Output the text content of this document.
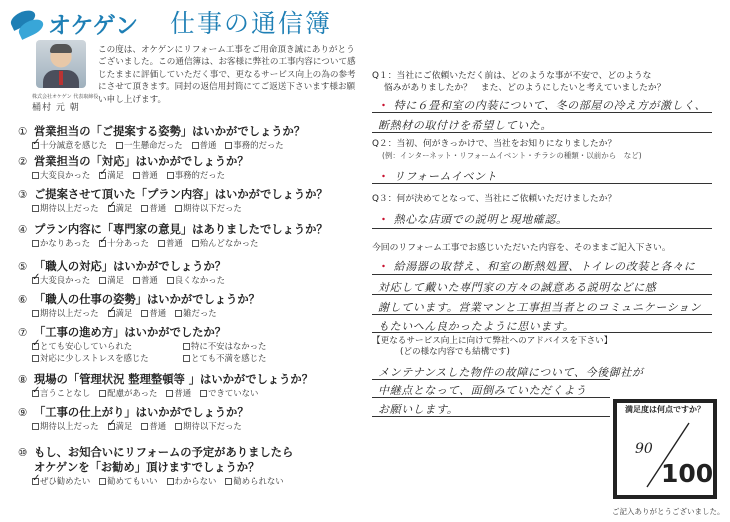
オケゲン 仕事の通信簿
株式会社オケゲン 代表取締役
桶村 元 朝
この度は、オケゲンにリフォーム工事をご用命頂き誠にありがとうございました。この通信簿は、お客様に弊社の工事内容について感じたままに評価していただく事で、更なるサービス向上の為の参考にさせて頂きます。同封の返信用封筒にてご返送下さいます様お願い申し上げます。
① 営業担当の「ご提案する姿勢」はいかがでしょうか？
✓
十分誠意を感じた 一生懸命だった 普通 事務的だった
② 営業担当の「対応」はいかがでしょうか？
大変良かった ✓ 満足 普通 事務的だった
③ ご提案させて頂いた「プラン内容」はいかがでしょうか？
期待以上だった ✓ 満足 普通 期待以下だった
④ プラン内容に「専門家の意見」はありましたでしょうか？
かなりあった ✓ 十分あった 普通 殆んどなかった
⑤ 「職人の対応」はいかがでしょうか？
✓
大変良かった 満足 普通 良くなかった
⑥ 「職人の仕事の姿勢」はいかがでしょうか？
期待以上だった ✓ 満足 普通 雑だった
⑦ 「工事の進め方」はいかがでしたか？
✓
とても安心していられた	特に不安はなかった
対応に少しストレスを感じた	とても不満を感じた
⑧ 現場の「管理状況 整理整頓等 」はいかがでしょうか？
✓
言うことなし 配慮があった 普通 できていない
⑨ 「工事の仕上がり」はいかがでしょうか？
期待以上だった ✓ 満足 普通 期待以下だった
⑩ もし、お知合いにリフォームの予定がありましたら
オケゲンを「お勧め」頂けますでしょうか？
✓
ぜひ勧めたい 勧めてもいい わからない 勧められない
Q１：当社にご依頼いただく前は、どのような事が不安で、どのような
悩みがありましたか？　また、どのようにしたいと考えていましたか？
・ 特に６畳和室の内装について、冬の部屋の冷え方が激しく、
断熱材の取付けを希望していた。
Q２：当初、何がきっかけで、当社をお知りになりましたか？
(例：インターネット・リフォームイベント・チラシの種類・以前から　など)
・ リフォームイベント
Q３：何が決めてとなって、当社にご依頼いただけましたか？
・ 熱心な店頭での説明と現地確認。
今回のリフォーム工事でお感じいただいた内容を、そのままご記入下さい。
・ 給湯器の取替え、和室の断熱処置、トイレの改装と各々に
対応して戴いた専門家の方々の誠意ある説明などに感
謝しています。営業マンと工事担当者とのコミュニケーション
もたいへん良かったように思います。
【更なるサービス向上に向けて弊社へのアドバイスを下さい】
(どの様な内容でも結構です)
メンテナンスした物件の故障について、今後御社が
中継点となって、面倒みていただくよう
お願いします。	満足度は何点ですか？
90
100
ご記入ありがとうございました。
